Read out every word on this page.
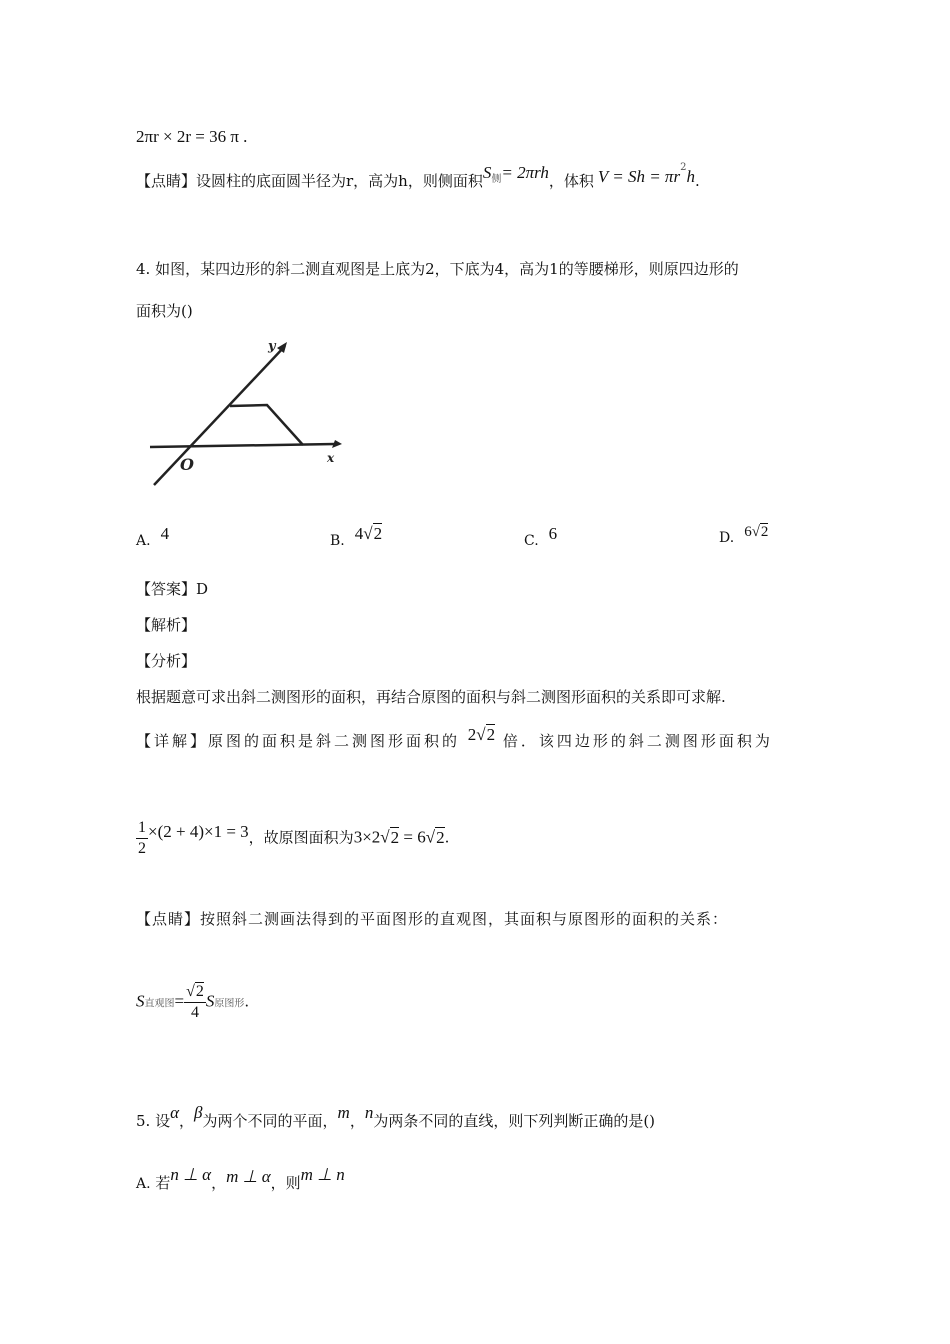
2πr × 2r = 36 π .
【点睛】设圆柱的底面圆半径为r，高为h，则侧面积$S^侧= 2\pi rh$，体积 $V = Sh = \pi r^2h$.
4. 如图，某四边形的斜二测直观图是上底为2，下底为4，高为1的等腰梯形，则原四边形的
面积为()
y
x
O
A. 4	B. 4√2	C. 6	D. 6√2
【答案】D
【解析】
【分析】
根据题意可求出斜二测图形的面积，再结合原图的面积与斜二测图形面积的关系即可求解.
【详解】原图的面积是斜二测图形面积的 2√2 倍．该四边形的斜二测图形面积为
$\frac{1}{2} \times(2 + 4)\times 1 = 3$，故原图面积为3×2√2 = 6√2.
【点睛】按照斜二测画法得到的平面图形的直观图，其面积与原图形的面积的关系：
S直观图= $\frac{√2}{4}$ S原图形.
5. 设α，β为两个不同的平面，m，n为两条不同的直线，则下列判断正确的是()
A. 若n ⊥ α，m ⊥ α，则m ⊥ n
